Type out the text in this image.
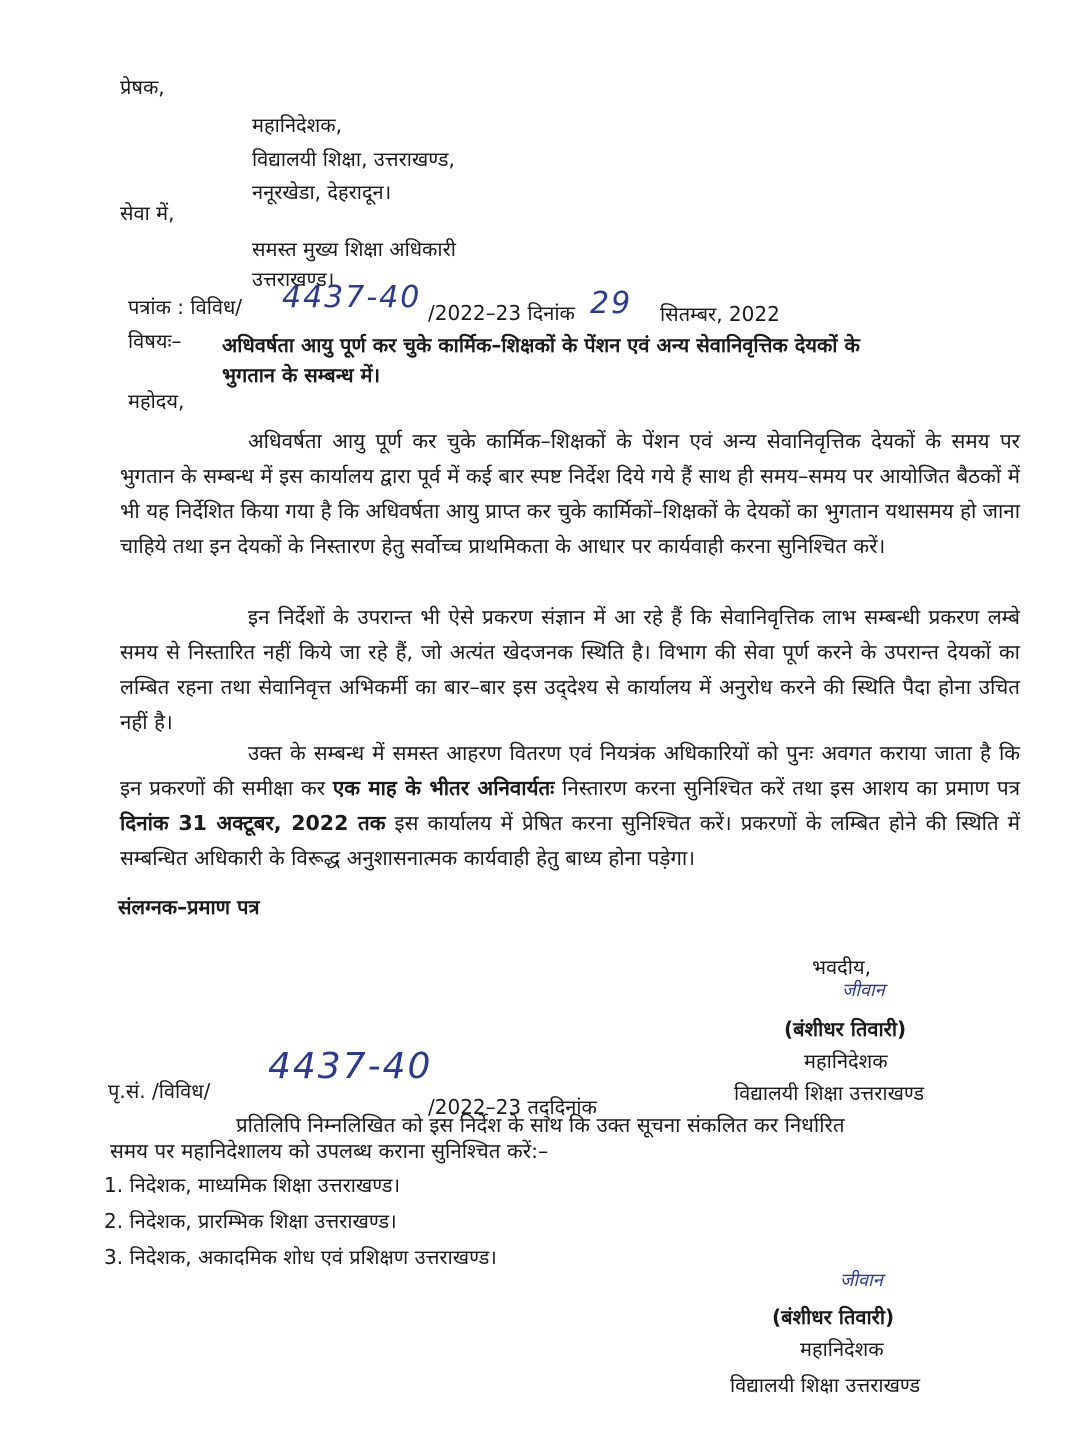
प्रेषक,
महानिदेशक,
विद्यालयी शिक्षा, उत्तराखण्ड,
ननूरखेडा, देहरादून।
सेवा में,
समस्त मुख्य शिक्षा अधिकारी
उत्तराखण्ड।
पत्रांक : विविध/ 4437-40 /2022–23 दिनांक 29 सितम्बर, 2022
विषयः– अधिवर्षता आयु पूर्ण कर चुके कार्मिक–शिक्षकों के पेंशन एवं अन्य सेवानिवृत्तिक देयकों के
भुगतान के सम्बन्ध में।
महोदय,
अधिवर्षता आयु पूर्ण कर चुके कार्मिक–शिक्षकों के पेंशन एवं अन्य सेवानिवृत्तिक देयकों के समय पर भुगतान के सम्बन्ध में इस कार्यालय द्वारा पूर्व में कई बार स्पष्ट निर्देश दिये गये हैं साथ ही समय–समय पर आयोजित बैठकों में भी यह निर्देशित किया गया है कि अधिवर्षता आयु प्राप्त कर चुके कार्मिकों–शिक्षकों के देयकों का भुगतान यथासमय हो जाना चाहिये तथा इन देयकों के निस्तारण हेतु सर्वोच्च प्राथमिकता के आधार पर कार्यवाही करना सुनिश्चित करें।
इन निर्देशों के उपरान्त भी ऐसे प्रकरण संज्ञान में आ रहे हैं कि सेवानिवृत्तिक लाभ सम्बन्धी प्रकरण लम्बे समय से निस्तारित नहीं किये जा रहे हैं, जो अत्यंत खेदजनक स्थिति है। विभाग की सेवा पूर्ण करने के उपरान्त देयकों का लम्बित रहना तथा सेवानिवृत्त अभिकर्मी का बार–बार इस उद्‌देश्य से कार्यालय में अनुरोध करने की स्थिति पैदा होना उचित नहीं है।
उक्त के सम्बन्ध में समस्त आहरण वितरण एवं नियत्रंक अधिकारियों को पुनः अवगत कराया जाता है कि इन प्रकरणों की समीक्षा कर एक माह के भीतर अनिवार्यतः निस्तारण करना सुनिश्चित करें तथा इस आशय का प्रमाण पत्र दिनांक 31 अक्टूबर, 2022 तक इस कार्यालय में प्रेषित करना सुनिश्चित करें। प्रकरणों के लम्बित होने की स्थिति में सम्बन्धित अधिकारी के विरूद्ध अनुशासनात्मक कार्यवाही हेतु बाध्य होना पड़ेगा।
संलग्नक–प्रमाण पत्र
भवदीय,
जीवान
(बंशीधर तिवारी)
महानिदेशक
विद्यालयी शिक्षा उत्तराखण्ड
पृ.सं. /विविध/
4437-40
/2022–23 तद्‌दिनांक
प्रतिलिपि निम्नलिखित को इस निर्देश के साथ कि उक्त सूचना संकलित कर निर्धारित
समय पर महानिदेशालय को उपलब्ध कराना सुनिश्चित करें:–
1. निदेशक, माध्यमिक शिक्षा उत्तराखण्ड।
2. निदेशक, प्रारम्भिक शिक्षा उत्तराखण्ड।
3. निदेशक, अकादमिक शोध एवं प्रशिक्षण उत्तराखण्ड।
जीवान
(बंशीधर तिवारी)
महानिदेशक
विद्यालयी शिक्षा उत्तराखण्ड
